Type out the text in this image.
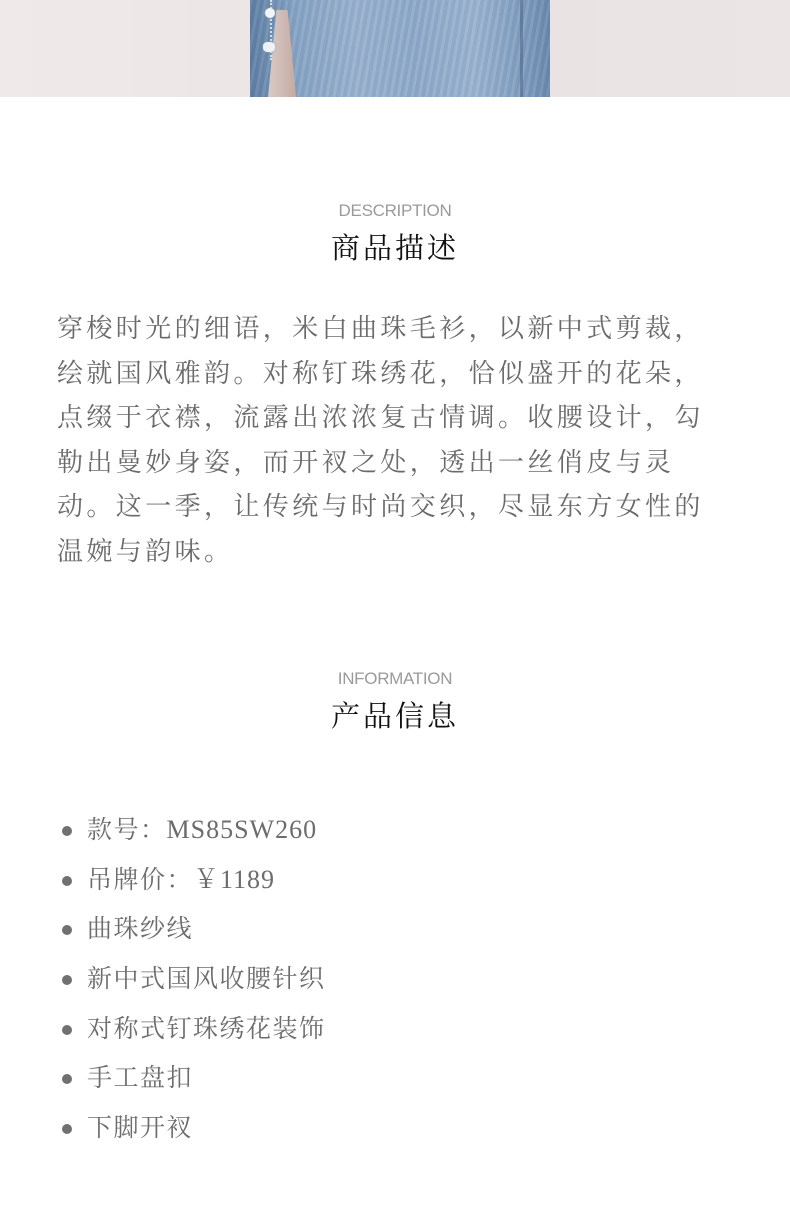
DESCRIPTION
商品描述
穿梭时光的细语，米白曲珠毛衫，以新中式剪裁，
绘就国风雅韵。对称钉珠绣花，恰似盛开的花朵，
点缀于衣襟，流露出浓浓复古情调。收腰设计，勾
勒出曼妙身姿，而开衩之处，透出一丝俏皮与灵
动。这一季，让传统与时尚交织，尽显东方女性的
温婉与韵味。
INFORMATION
产品信息
款号：MS85SW260
吊牌价：￥1189
曲珠纱线
新中式国风收腰针织
对称式钉珠绣花装饰
手工盘扣
下脚开衩
